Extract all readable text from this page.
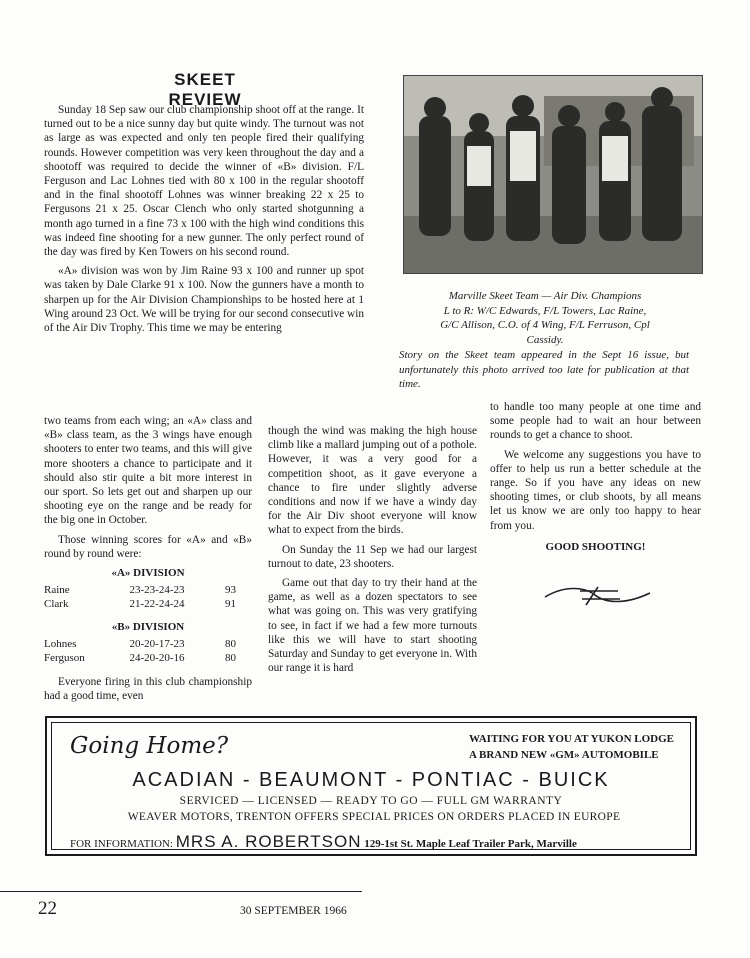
SKEET REVIEW

Sunday 18 Sep saw our club championship shoot off at the range. It turned out to be a nice sunny day but quite windy. The turnout was not as large as was expected and only ten people fired their qualifying rounds. However competition was very keen throughout the day and a shootoff was required to decide the winner of «B» division. F/L Ferguson and Lac Lohnes tied with 80 x 100 in the regular shootoff and in the final shootoff Lohnes was winner breaking 22 x 25 to Fergusons 21 x 25. Oscar Clench who only started shotgunning a month ago turned in a fine 73 x 100 with the high wind conditions this was indeed fine shooting for a new gunner. The only perfect round of the day was fired by Ken Towers on his second round.

«A» division was won by Jim Raine 93 x 100 and runner up spot was taken by Dale Clarke 91 x 100. Now the gunners have a month to sharpen up for the Air Division Championships to be hosted here at 1 Wing around 23 Oct. We will be trying for our second consecutive win of the Air Div Trophy. This time we may be entering

Marville Skeet Team — Air Div. Champions
L to R: W/C Edwards, F/L Towers, Lac Raine,
G/C Allison, C.O. of 4 Wing, F/L Ferruson, Cpl
Cassidy.
Story on the Skeet team appeared in the Sept 16 issue, but unfortunately this photo arrived too late for publication at that time.

two teams from each wing; an «A» class and «B» class team, as the 3 wings have enough shooters to enter two teams, and this will give more shooters a chance to participate and it should also stir quite a bit more interest in our sport. So lets get out and sharpen up our shooting eye on the range and be ready for the big one in October.

Those winning scores for «A» and «B» round by round were:

«A» DIVISION
Raine	23-23-24-23	93
Clark	21-22-24-24	91
«B» DIVISION
Lohnes	20-20-17-23	80
Ferguson	24-20-20-16	80

Everyone firing in this club championship had a good time, even

though the wind was making the high house climb like a mallard jumping out of a pothole. However, it was a very good for a competition shoot, as it gave everyone a chance to fire under slightly adverse conditions and now if we have a windy day for the Air Div shoot everyone will know what to expect from the birds.

On Sunday the 11 Sep we had our largest turnout to date, 23 shooters.

Game out that day to try their hand at the game, as well as a dozen spectators to see what was going on. This was very gratifying to see, in fact if we had a few more turnouts like this we will have to start shooting Saturday and Sunday to get everyone in. With our range it is hard

to handle too many people at one time and some people had to wait an hour between rounds to get a chance to shoot.

We welcome any suggestions you have to offer to help us run a better schedule at the range. So if you have any ideas on new shooting times, or club shoots, by all means let us know we are only too happy to hear from you.

GOOD SHOOTING!
Going Home?	WAITING FOR YOU AT YUKON LODGE
A BRAND NEW «GM» AUTOMOBILE
ACADIAN - BEAUMONT - PONTIAC - BUICK
SERVICED — LICENSED — READY TO GO — FULL GM WARRANTY
WEAVER MOTORS, TRENTON OFFERS SPECIAL PRICES ON ORDERS PLACED IN EUROPE
FOR INFORMATION: MRS A. ROBERTSON 129-1st St. Maple Leaf Trailer Park, Marville
22	30 SEPTEMBER 1966
